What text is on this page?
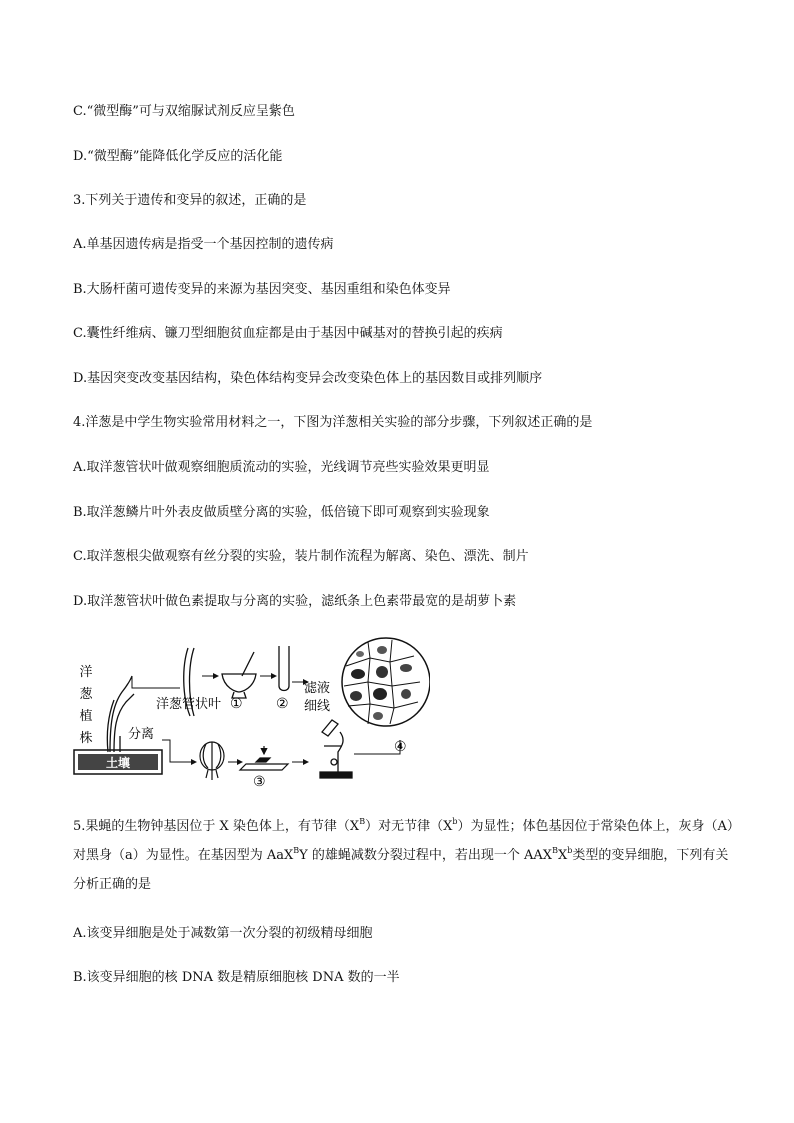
C.“微型酶”可与双缩脲试剂反应呈紫色
D.“微型酶”能降低化学反应的活化能
3.下列关于遗传和变异的叙述，正确的是
A.单基因遗传病是指受一个基因控制的遗传病
B.大肠杆菌可遗传变异的来源为基因突变、基因重组和染色体变异
C.囊性纤维病、镰刀型细胞贫血症都是由于基因中碱基对的替换引起的疾病
D.基因突变改变基因结构，染色体结构变异会改变染色体上的基因数目或排列顺序
4.洋葱是中学生物实验常用材料之一，下图为洋葱相关实验的部分步骤，下列叙述正确的是
A.取洋葱管状叶做观察细胞质流动的实验，光线调节亮些实验效果更明显
B.取洋葱鳞片叶外表皮做质壁分离的实验，低倍镜下即可观察到实验现象
C.取洋葱根尖做观察有丝分裂的实验，装片制作流程为解离、染色、漂洗、制片
D.取洋葱管状叶做色素提取与分离的实验，滤纸条上色素带最宽的是胡萝卜素
洋
葱
植
株
土壤
分离
洋葱管状叶 ① ②
滤液
细线
③
④
5.果蝇的生物钟基因位于 X 染色体上，有节律$(X^B)$对无节律$(X^b)$为显性；体色基因位于常染色体上，灰身（A）对黑身（a）为显性。在基因型为 AaX$^B$Y 的雄蝇减数分裂过程中，若出现一个 $AAX^BX^b$类型的变异细胞，下列有关分析正确的是
A.该变异细胞是处于减数第一次分裂的初级精母细胞
B.该变异细胞的核 DNA 数是精原细胞核 DNA 数的一半
